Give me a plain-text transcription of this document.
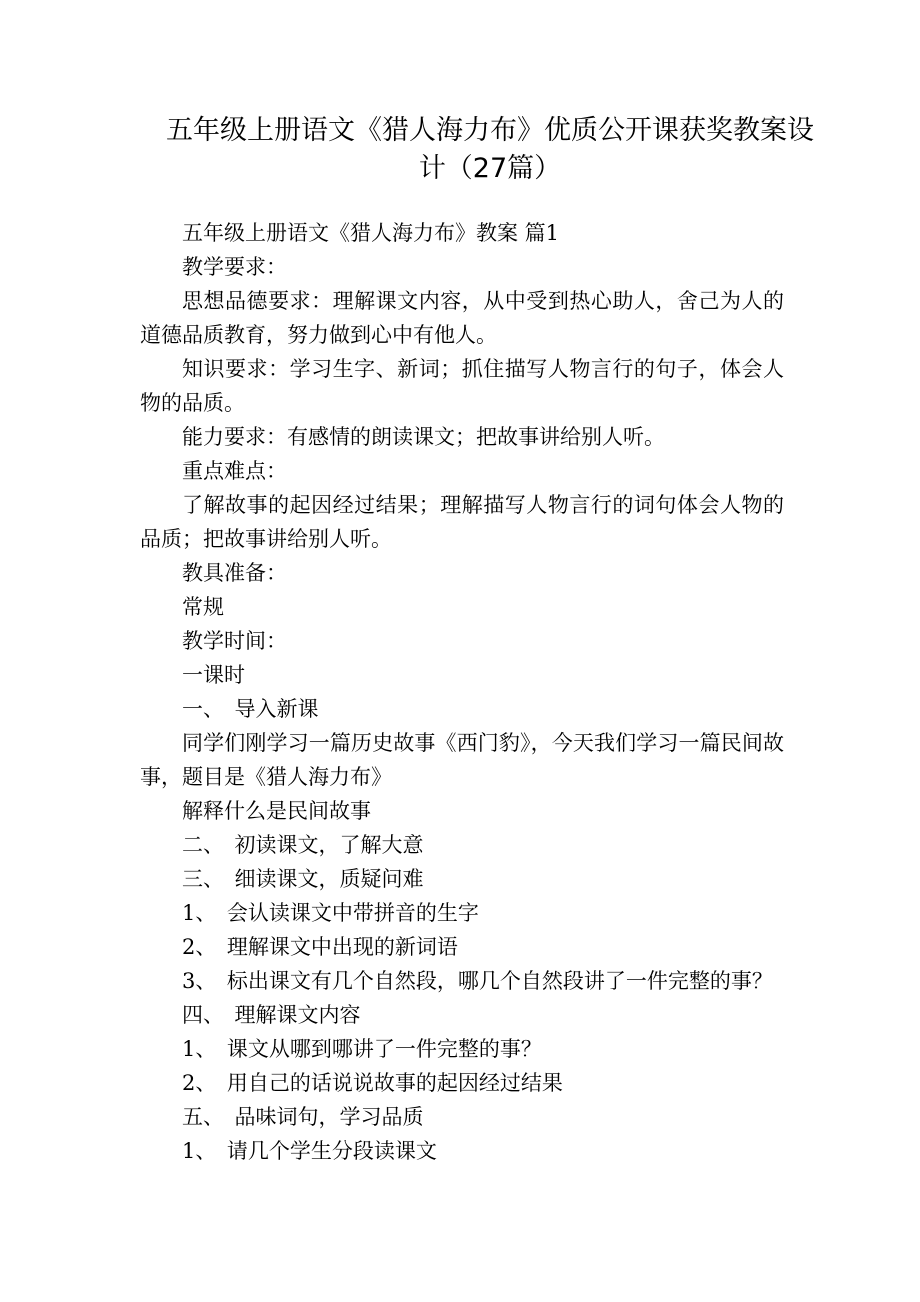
五年级上册语文《猎人海力布》优质公开课获奖教案设
计（27篇）

五年级上册语文《猎人海力布》教案 篇1

教学要求：

思想品德要求：理解课文内容，从中受到热心助人，舍己为人的道德品质教育，努力做到心中有他人。

知识要求：学习生字、新词；抓住描写人物言行的句子，体会人物的品质。

能力要求：有感情的朗读课文；把故事讲给别人听。

重点难点：

了解故事的起因经过结果；理解描写人物言行的词句体会人物的品质；把故事讲给别人听。

教具准备：

常规

教学时间：

一课时

一、　导入新课

同学们刚学习一篇历史故事《西门豹》，今天我们学习一篇民间故事，题目是《猎人海力布》

解释什么是民间故事

二、　初读课文，了解大意

三、　细读课文，质疑问难

1、　会认读课文中带拼音的生字

2、　理解课文中出现的新词语

3、　标出课文有几个自然段，哪几个自然段讲了一件完整的事？

四、　理解课文内容

1、　课文从哪到哪讲了一件完整的事？

2、　用自己的话说说故事的起因经过结果

五、　品味词句，学习品质

1、　请几个学生分段读课文
